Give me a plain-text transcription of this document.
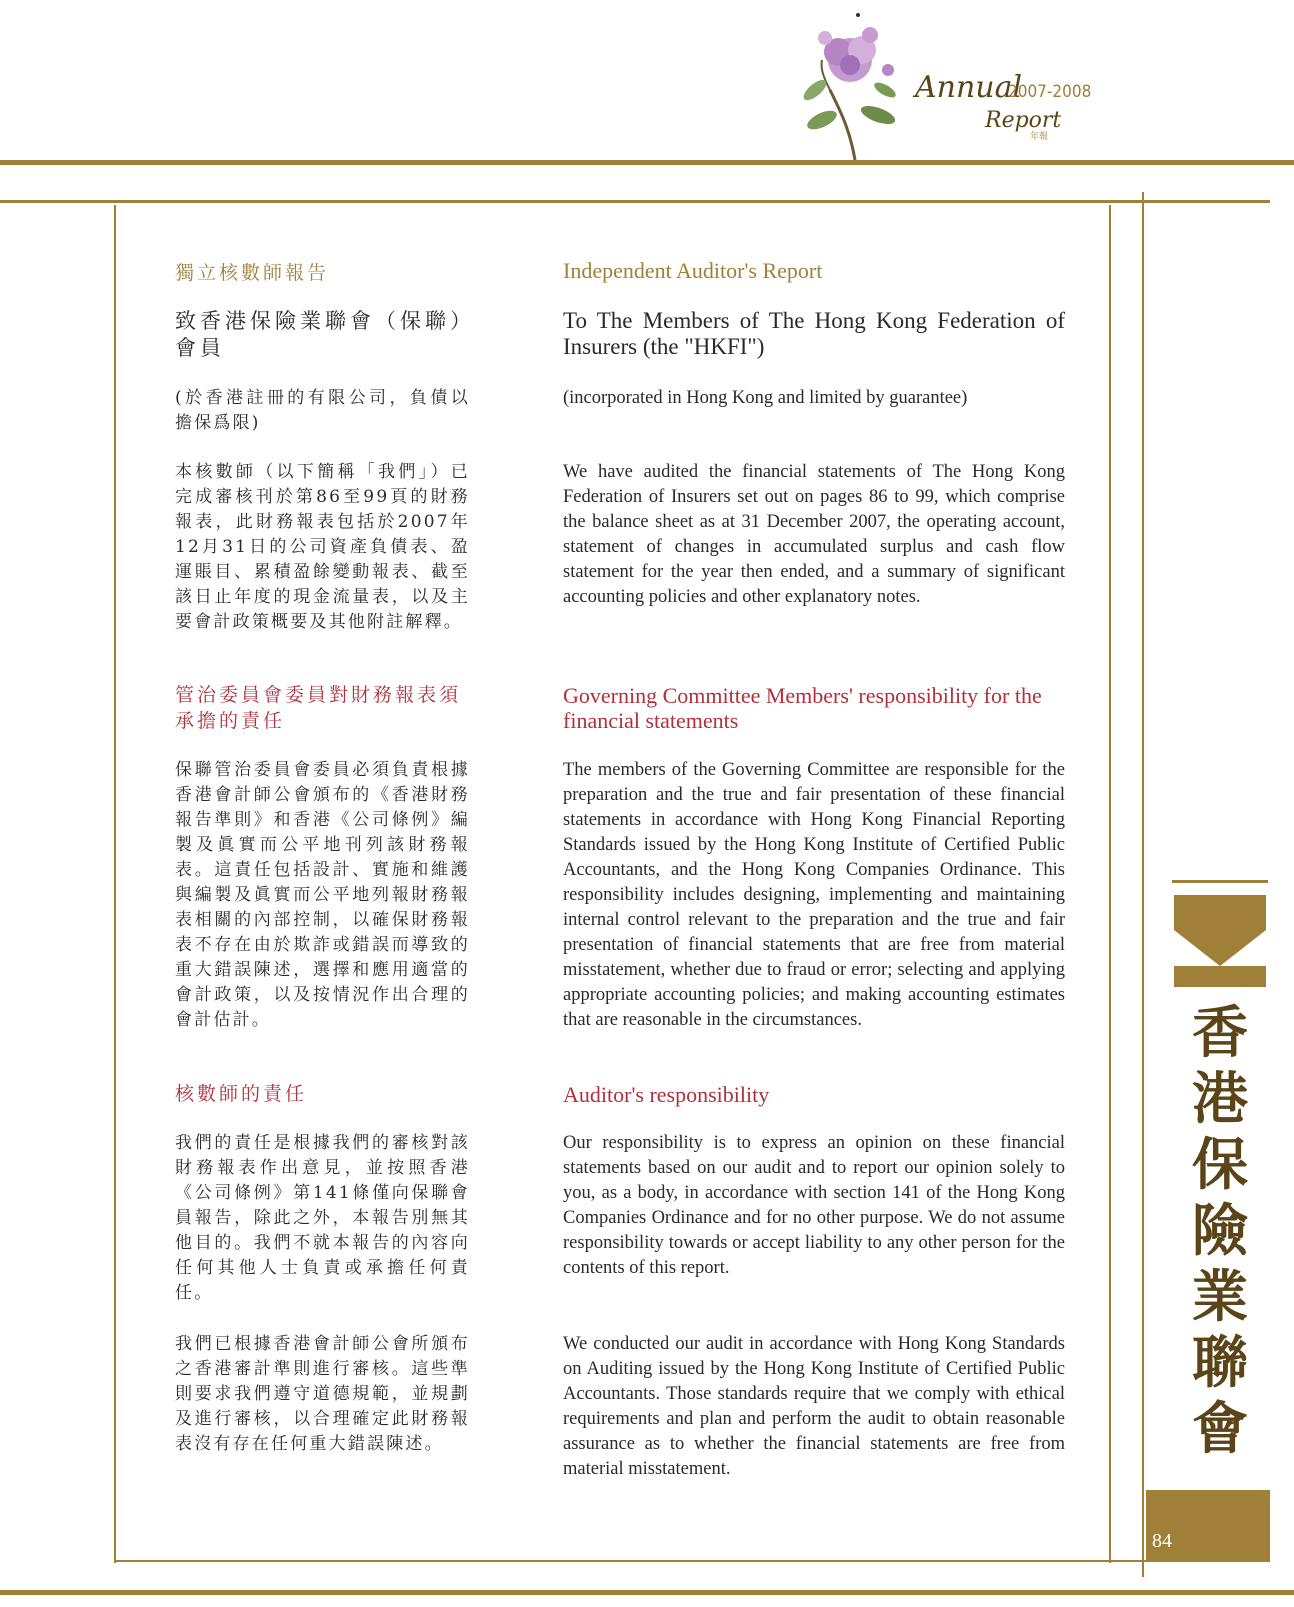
Annual
2007-2008
Report
年報
獨立核數師報告

致香港保險業聯會（保聯）會員

(於香港註冊的有限公司，負債以擔保爲限)

本核數師（以下簡稱「我們」）已完成審核刊於第86至99頁的財務報表，此財務報表包括於2007年12月31日的公司資產負債表、盈運賬目、累積盈餘變動報表、截至該日止年度的現金流量表，以及主要會計政策概要及其他附註解釋。

管治委員會委員對財務報表須承擔的責任

保聯管治委員會委員必須負責根據香港會計師公會頒布的《香港財務報告準則》和香港《公司條例》編製及眞實而公平地刊列該財務報表。這責任包括設計、實施和維護與編製及眞實而公平地列報財務報表相關的內部控制，以確保財務報表不存在由於欺詐或錯誤而導致的重大錯誤陳述，選擇和應用適當的會計政策，以及按情況作出合理的會計估計。

核數師的責任

我們的責任是根據我們的審核對該財務報表作出意見，並按照香港《公司條例》第141條僅向保聯會員報告，除此之外，本報告別無其他目的。我們不就本報告的內容向任何其他人士負責或承擔任何責任。

我們已根據香港會計師公會所頒布之香港審計準則進行審核。這些準則要求我們遵守道德規範，並規劃及進行審核，以合理確定此財務報表沒有存在任何重大錯誤陳述。

Independent Auditor's Report

To The Members of The Hong Kong Federation of Insurers (the "HKFI")

(incorporated in Hong Kong and limited by guarantee)

We have audited the financial statements of The Hong Kong Federation of Insurers set out on pages 86 to 99, which comprise the balance sheet as at 31 December 2007, the operating account, statement of changes in accumulated surplus and cash flow statement for the year then ended, and a summary of significant accounting policies and other explanatory notes.

Governing Committee Members' responsibility for the financial statements

The members of the Governing Committee are responsible for the preparation and the true and fair presentation of these financial statements in accordance with Hong Kong Financial Reporting Standards issued by the Hong Kong Institute of Certified Public Accountants, and the Hong Kong Companies Ordinance. This responsibility includes designing, implementing and maintaining internal control relevant to the preparation and the true and fair presentation of financial statements that are free from material misstatement, whether due to fraud or error; selecting and applying appropriate accounting policies; and making accounting estimates that are reasonable in the circumstances.

Auditor's responsibility

Our responsibility is to express an opinion on these financial statements based on our audit and to report our opinion solely to you, as a body, in accordance with section 141 of the Hong Kong Companies Ordinance and for no other purpose. We do not assume responsibility towards or accept liability to any other person for the contents of this report.

We conducted our audit in accordance with Hong Kong Standards on Auditing issued by the Hong Kong Institute of Certified Public Accountants. Those standards require that we comply with ethical requirements and plan and perform the audit to obtain reasonable assurance as to whether the financial statements are free from material misstatement.

香港保險業聯會
84
